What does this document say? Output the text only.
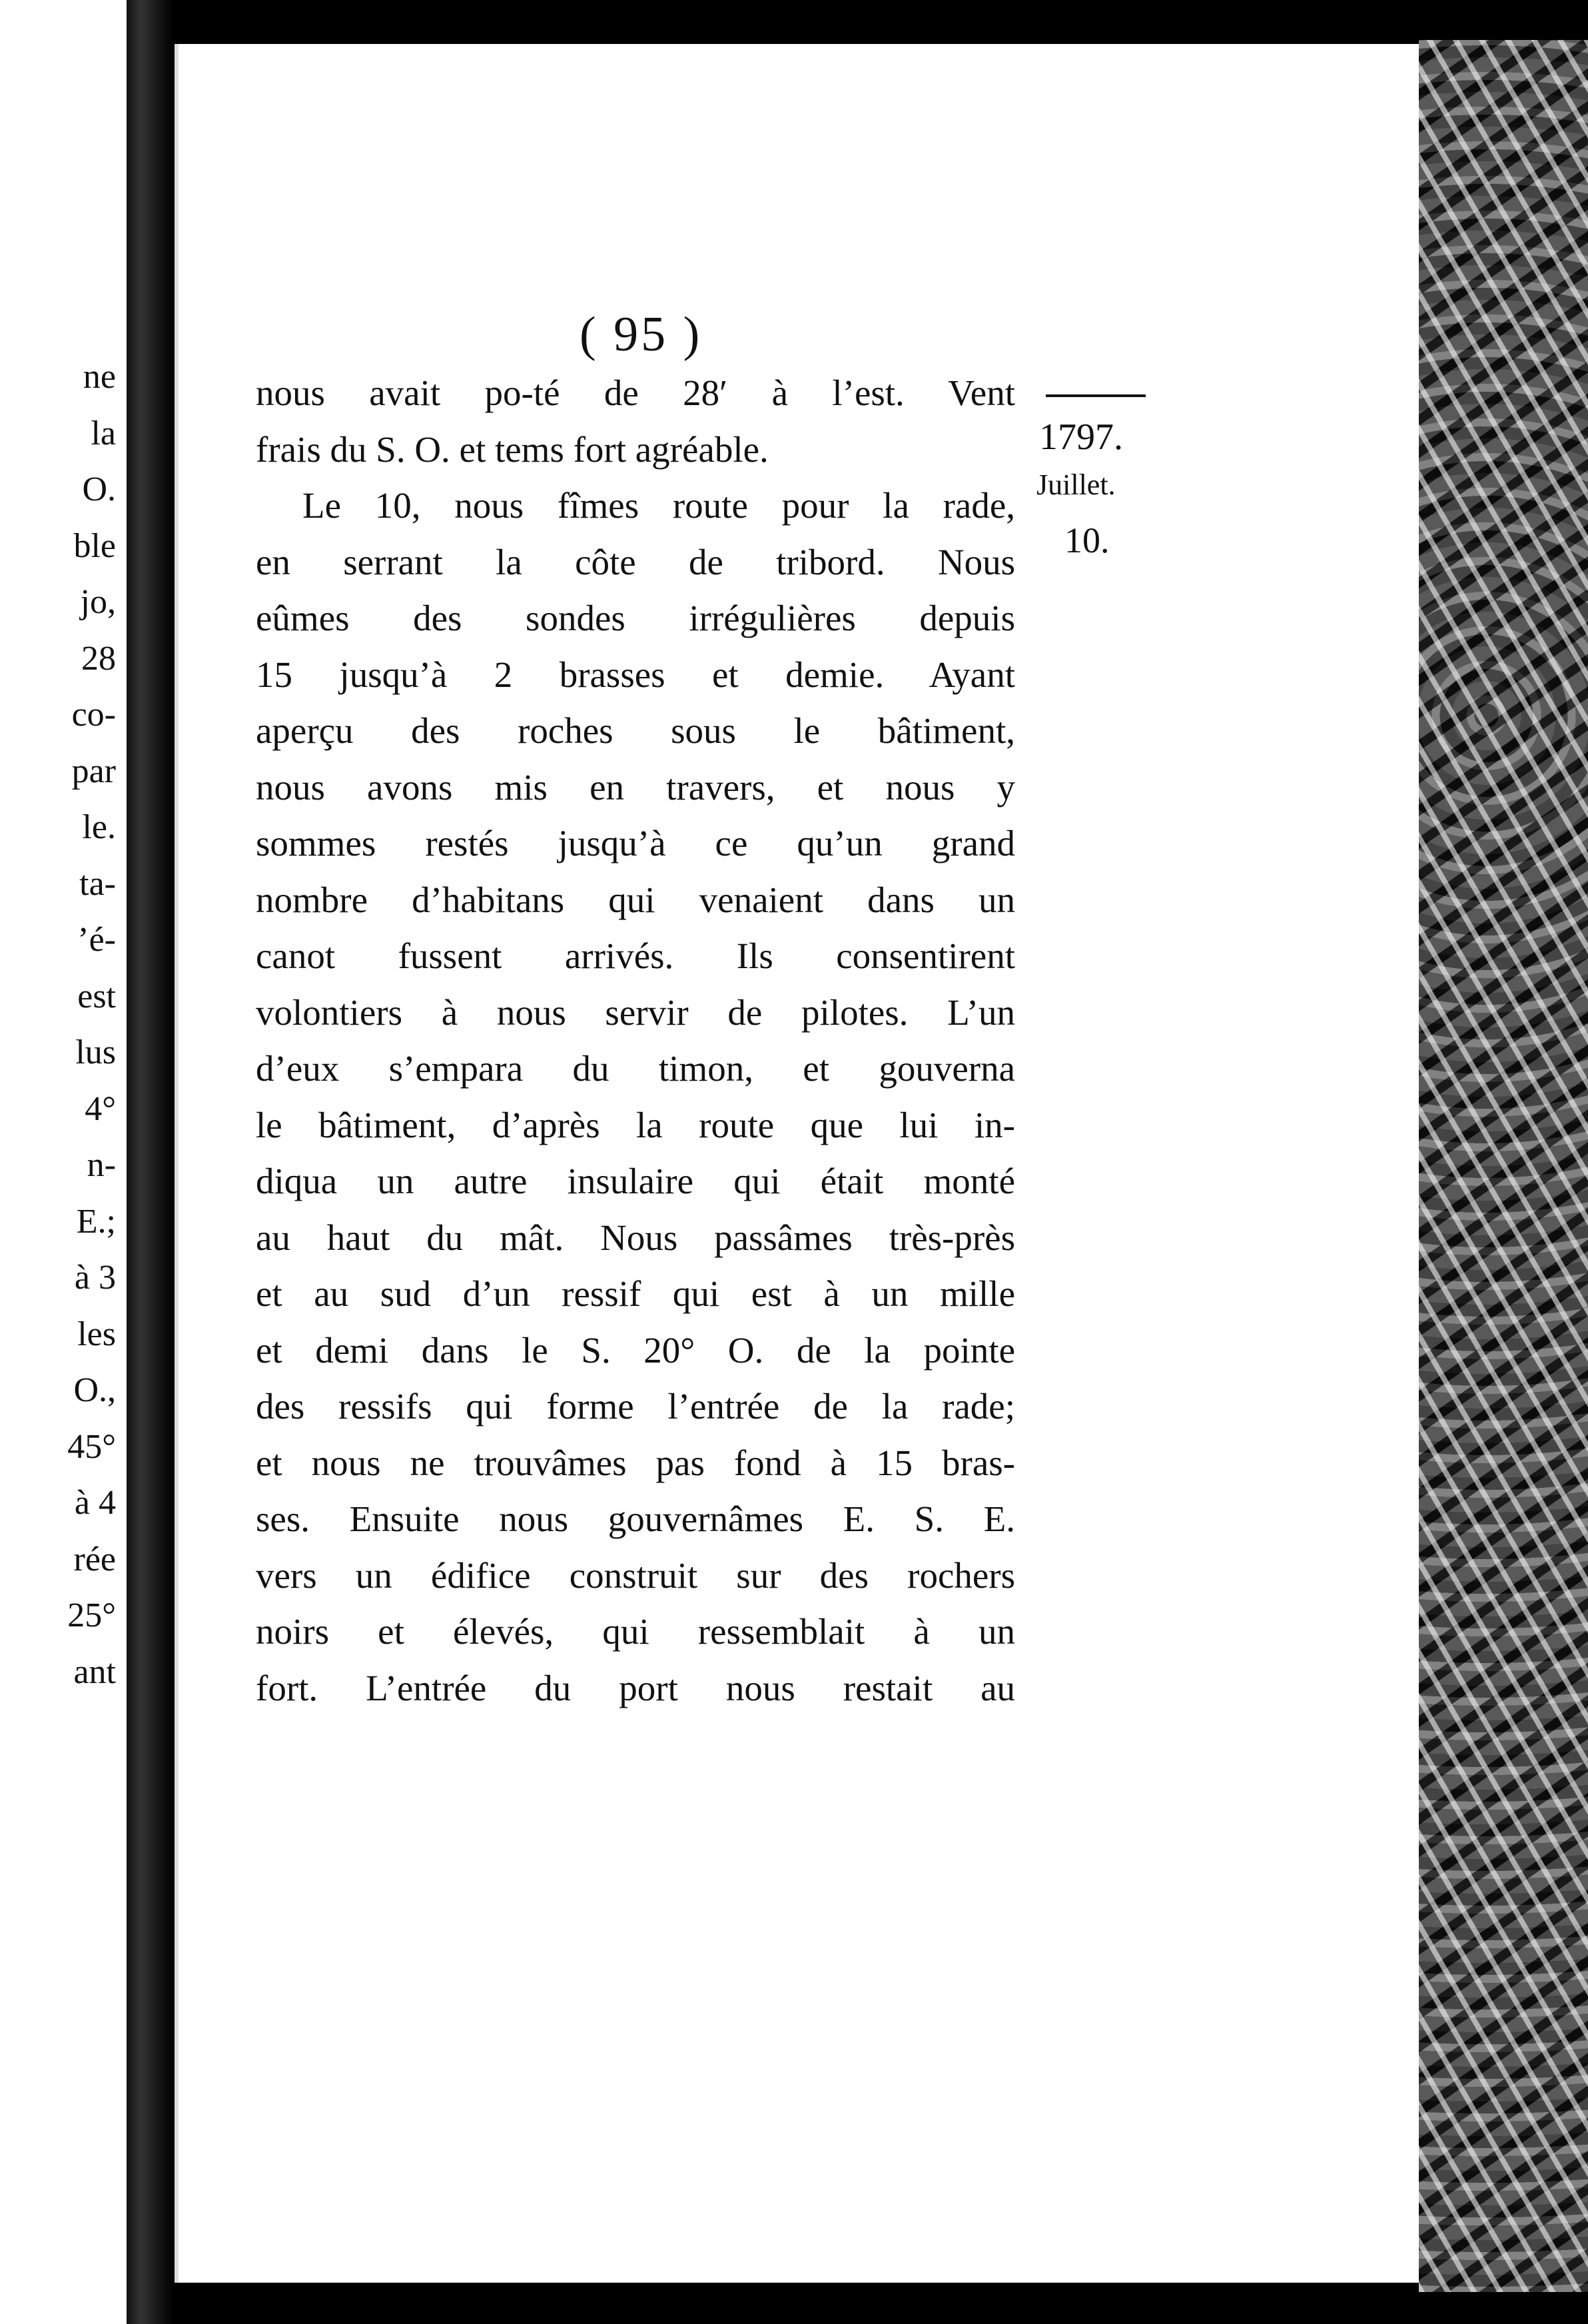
ne
la
O.
ble
jo,
28
co-
par
le.
ta-
’é-
est
lus
4°
n-
E.;
à 3
les
O.,
45°
à 4
rée
25°
ant
( 95 )
1797.
Juillet.
10.
nous avait po-té de 28′ à l’est. Vent
frais du S. O. et tems fort agréable.
Le 10, nous fîmes route pour la rade,
en serrant la côte de tribord. Nous
eûmes des sondes irrégulières depuis
15 jusqu’à 2 brasses et demie. Ayant
aperçu des roches sous le bâtiment,
nous avons mis en travers, et nous y
sommes restés jusqu’à ce qu’un grand
nombre d’habitans qui venaient dans un
canot fussent arrivés. Ils consentirent
volontiers à nous servir de pilotes. L’un
d’eux s’empara du timon, et gouverna
le bâtiment, d’après la route que lui in-
diqua un autre insulaire qui était monté
au haut du mât. Nous passâmes très-près
et au sud d’un ressif qui est à un mille
et demi dans le S. 20° O. de la pointe
des ressifs qui forme l’entrée de la rade;
et nous ne trouvâmes pas fond à 15 bras-
ses. Ensuite nous gouvernâmes E. S. E.
vers un édifice construit sur des rochers
noirs et élevés, qui ressemblait à un
fort. L’entrée du port nous restait au
